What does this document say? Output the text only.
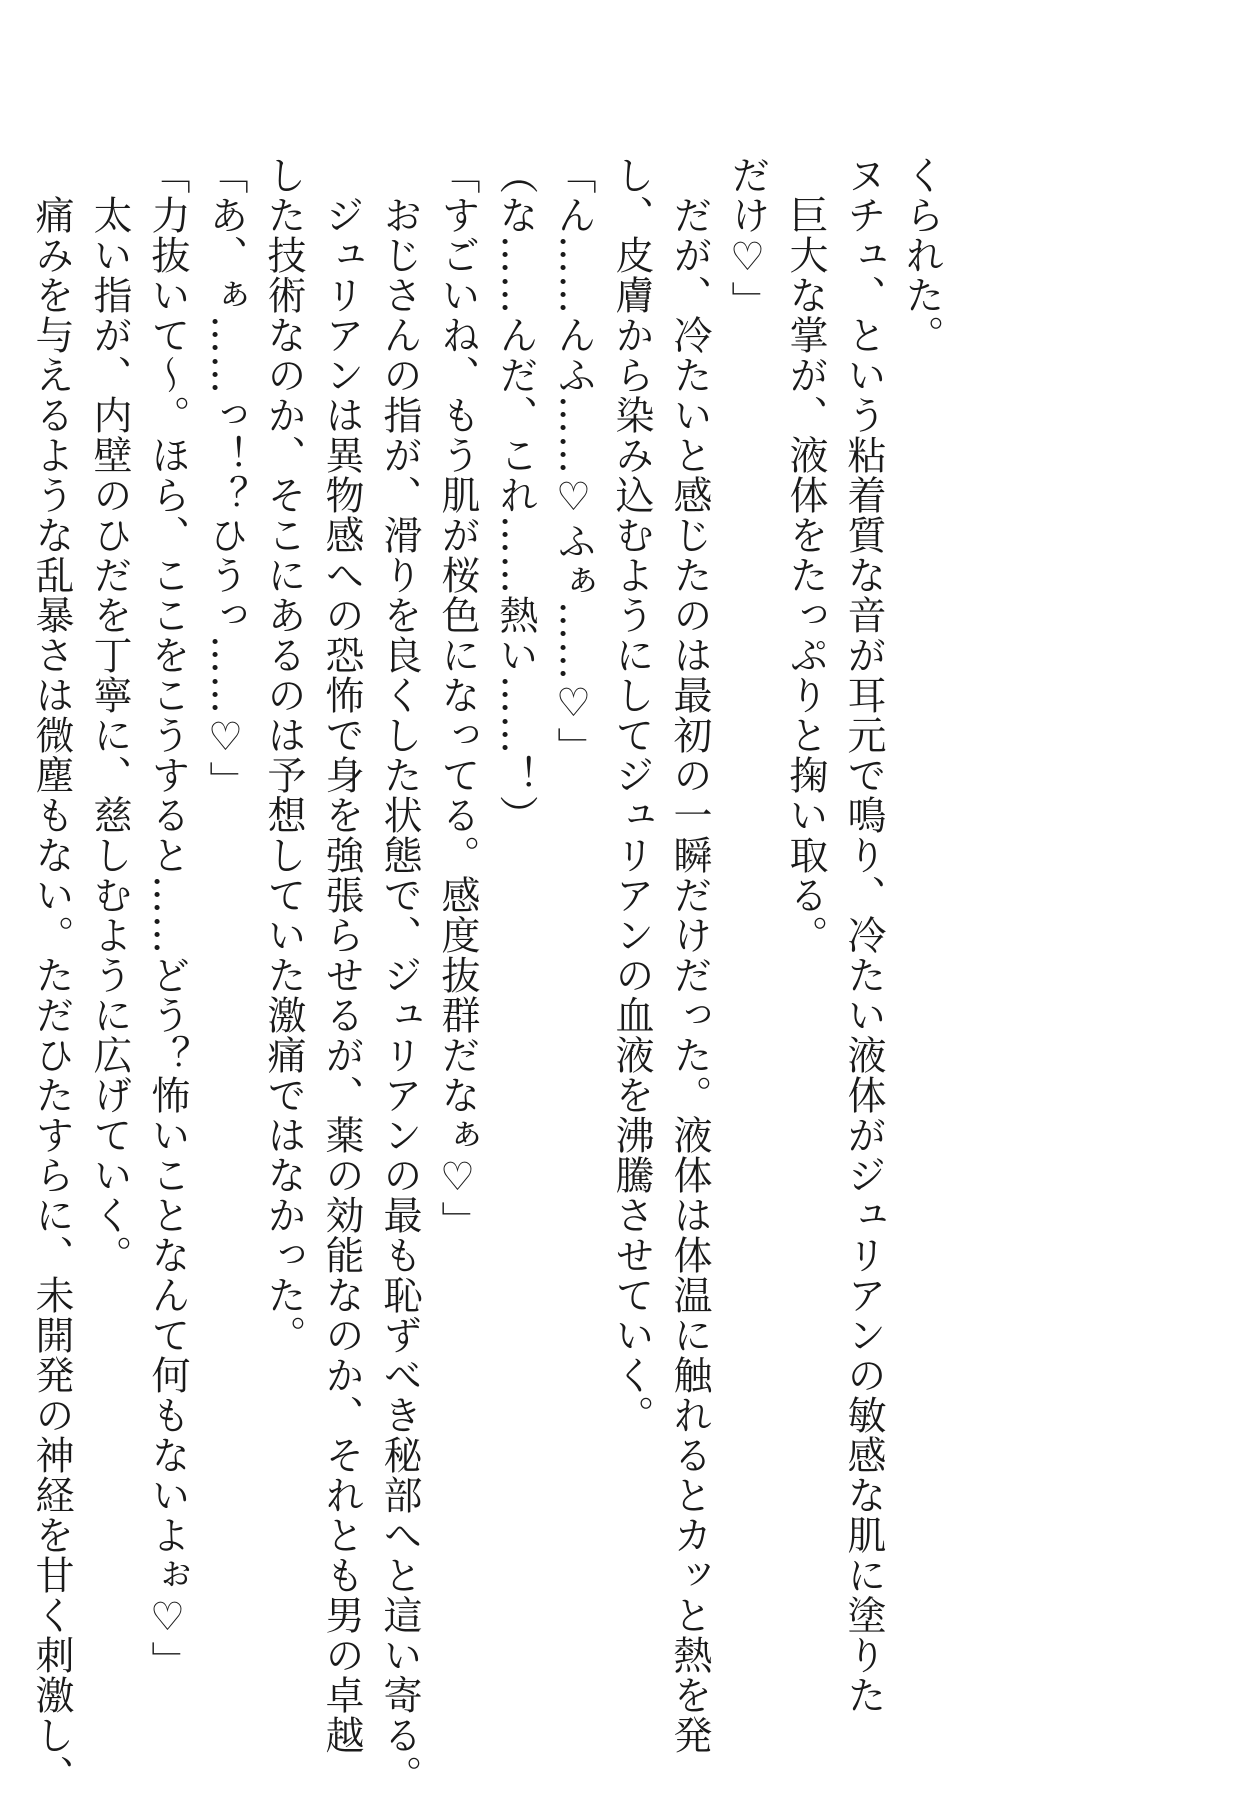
くられた。
ヌチュ、という粘着質な音が耳元で鳴り、冷たい液体がジュリアンの敏感な肌に塗りた
　巨大な掌が、液体をたっぷりと掬い取る。
だけ♡」
　だが、冷たいと感じたのは最初の一瞬だけだった。液体は体温に触れるとカッと熱を発
し、皮膚から染み込むようにしてジュリアンの血液を沸騰させていく。
「ん……んふ……♡ふぁ……♡」
（な……んだ、これ……熱い……！）
「すごいね、もう肌が桜色になってる。感度抜群だなぁ♡」
　おじさんの指が、滑りを良くした状態で、ジュリアンの最も恥ずべき秘部へと這い寄る。
　ジュリアンは異物感への恐怖で身を強張らせるが、薬の効能なのか、それとも男の卓越
した技術なのか、そこにあるのは予想していた激痛ではなかった。
「あ、ぁ……っ！？ひうっ……♡」
「力抜いて〜。ほら、ここをこうすると……どう？怖いことなんて何もないよぉ♡」
　太い指が、内壁のひだを丁寧に、慈しむように広げていく。
　痛みを与えるような乱暴さは微塵もない。ただひたすらに、未開発の神経を甘く刺激し、
